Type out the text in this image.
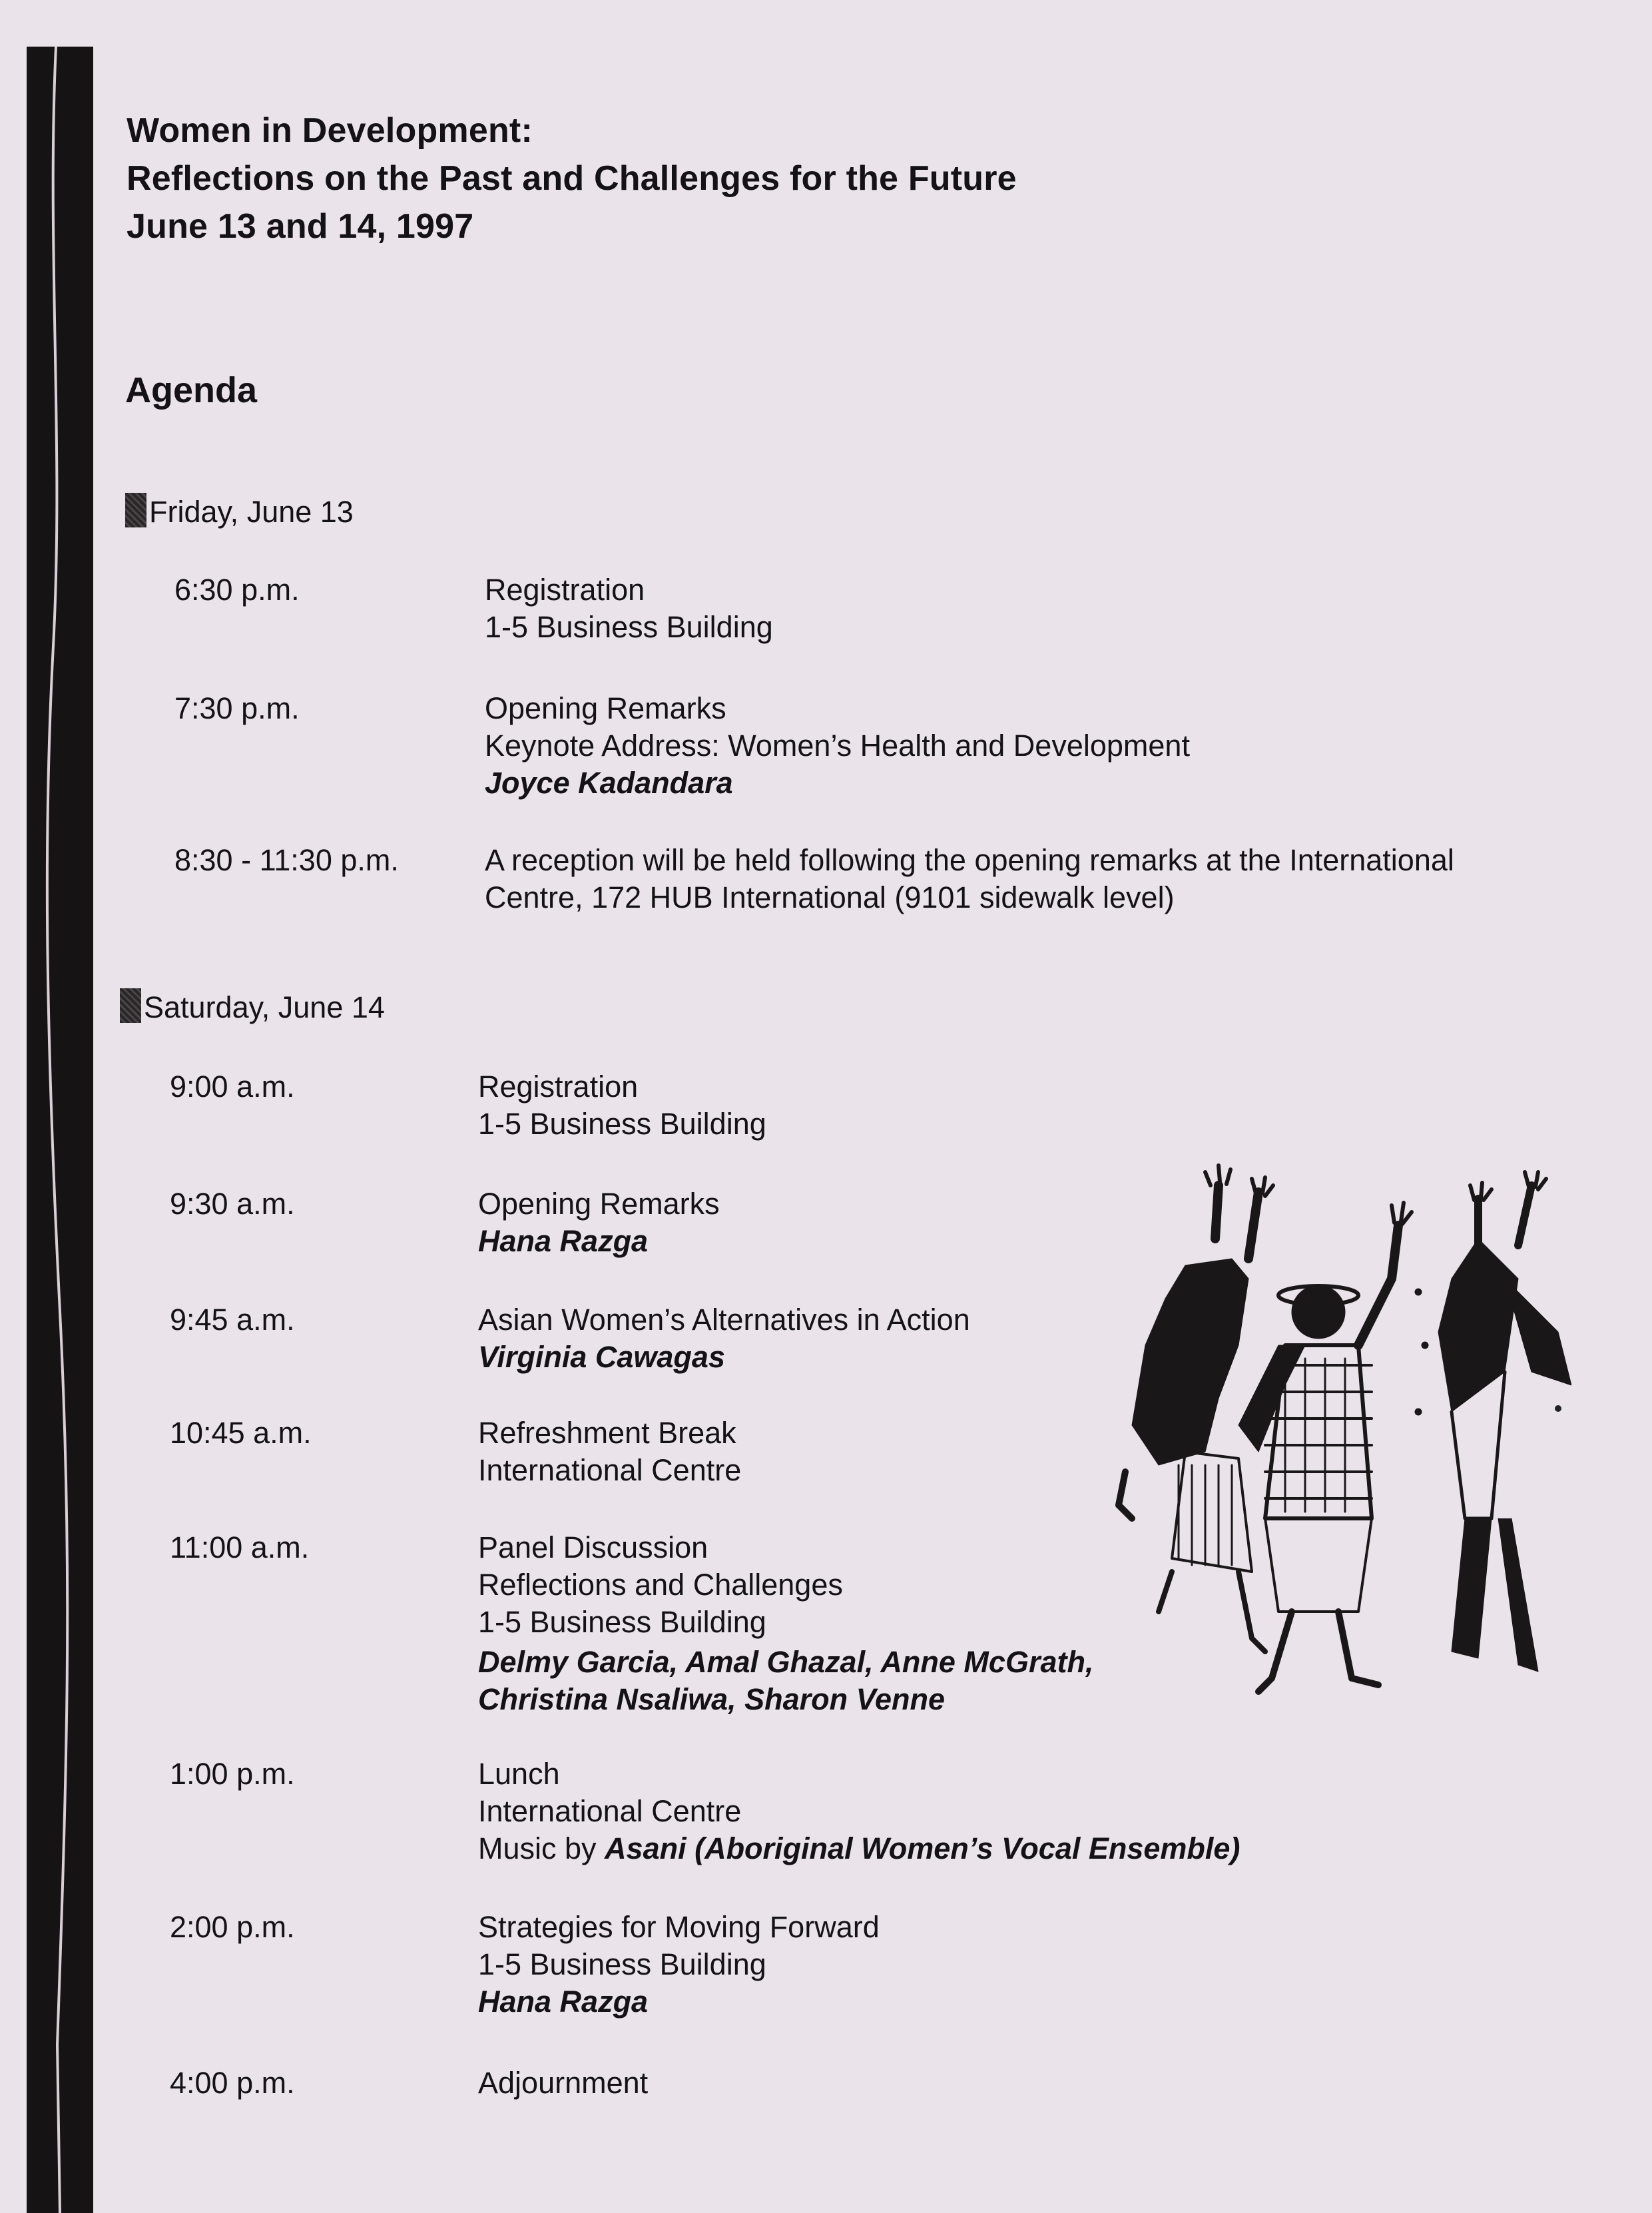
Women in Development:
Reflections on the Past and Challenges for the Future
June 13 and 14, 1997
Agenda
Friday, June 13
6:30 p.m.	Registration
1-5 Business Building
7:30 p.m.	Opening Remarks
Keynote Address: Women’s Health and Development
Joyce Kadandara
8:30 - 11:30 p.m.	A reception will be held following the opening remarks at the International
Centre, 172 HUB International (9101 sidewalk level)
Saturday, June 14
9:00 a.m.	Registration
1-5 Business Building
9:30 a.m.	Opening Remarks
Hana Razga
9:45 a.m.	Asian Women’s Alternatives in Action
Virginia Cawagas
10:45 a.m.	Refreshment Break
International Centre
11:00 a.m.	Panel Discussion
Reflections and Challenges
1-5 Business Building
Delmy Garcia, Amal Ghazal, Anne McGrath,
Christina Nsaliwa, Sharon Venne
1:00 p.m.	Lunch
International Centre
Music by Asani (Aboriginal Women’s Vocal Ensemble)
2:00 p.m.	Strategies for Moving Forward
1-5 Business Building
Hana Razga
4:00 p.m.	Adjournment
